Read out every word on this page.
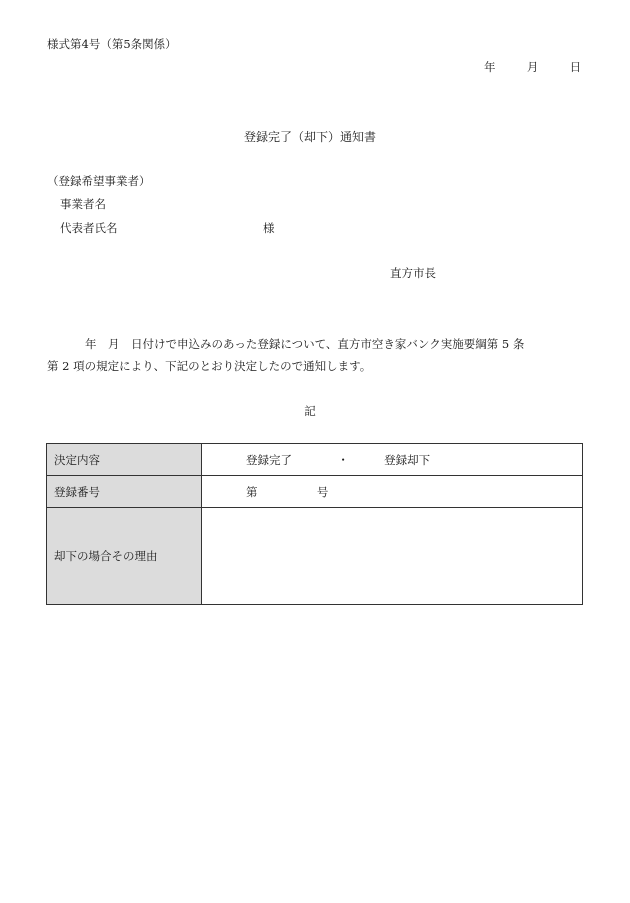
様式第4号（第5条関係）
年	月	日
登録完了（却下）通知書
（登録希望事業者）
事業者名
代表者氏名	様
直方市長
年　月　日付けで申込みのあった登録について、直方市空き家バンク実施要綱第 5 条
第 2 項の規定により、下記のとおり決定したので通知します。
記
決定内容	登録完了 ・ 登録却下
登録番号	第 号
却下の場合その理由	
